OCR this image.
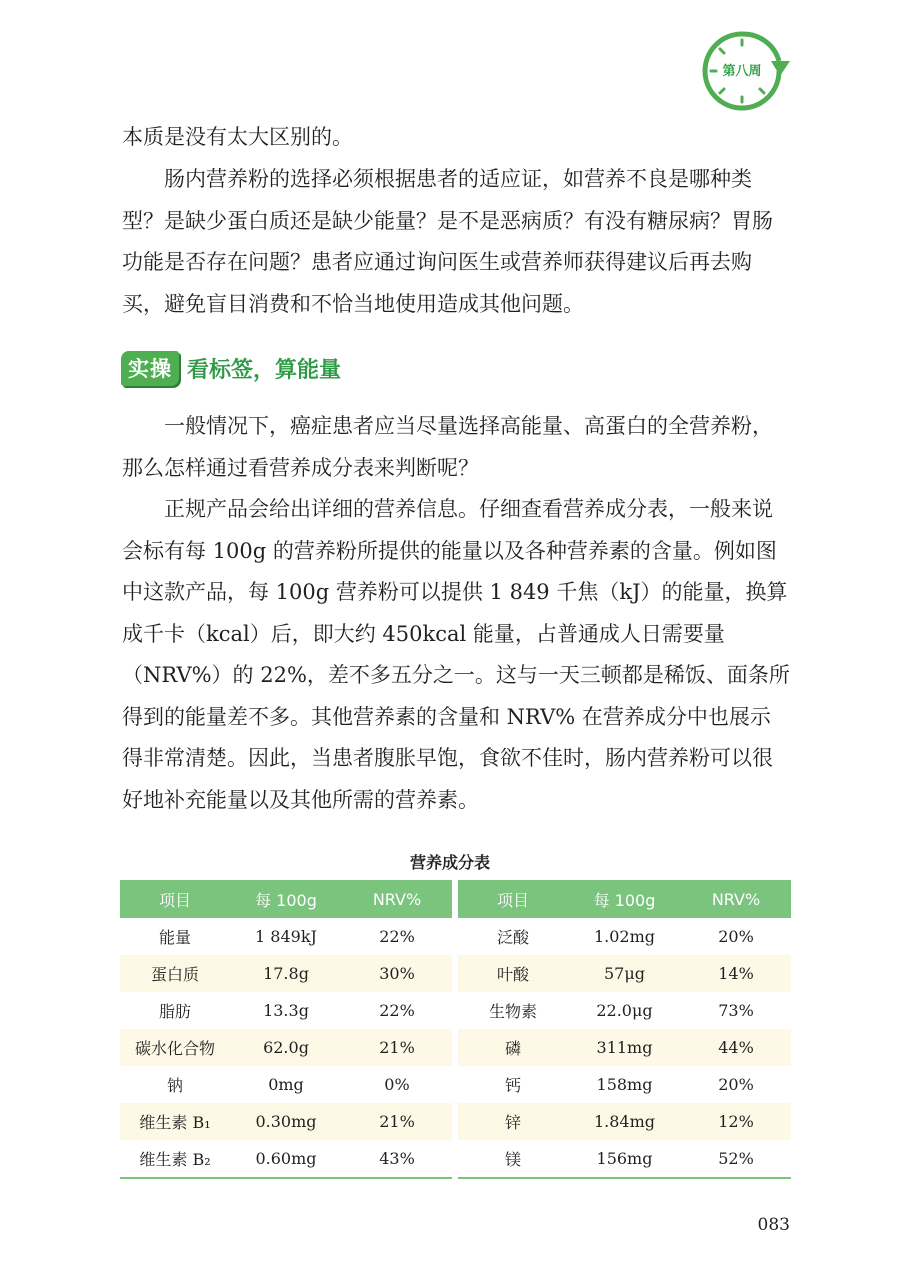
第八周

本质是没有太大区别的。

肠内营养粉的选择必须根据患者的适应证，如营养不良是哪种类型？是缺少蛋白质还是缺少能量？是不是恶病质？有没有糖尿病？胃肠功能是否存在问题？患者应通过询问医生或营养师获得建议后再去购买，避免盲目消费和不恰当地使用造成其他问题。

实操 看标签，算能量

一般情况下，癌症患者应当尽量选择高能量、高蛋白的全营养粉，那么怎样通过看营养成分表来判断呢？

正规产品会给出详细的营养信息。仔细查看营养成分表，一般来说会标有每 100g 的营养粉所提供的能量以及各种营养素的含量。例如图中这款产品，每 100g 营养粉可以提供 1 849 千焦（kJ）的能量，换算成千卡（kcal）后，即大约 450kcal 能量，占普通成人日需要量（NRV%）的 22%，差不多五分之一。这与一天三顿都是稀饭、面条所得到的能量差不多。其他营养素的含量和 NRV% 在营养成分中也展示得非常清楚。因此，当患者腹胀早饱，食欲不佳时，肠内营养粉可以很好地补充能量以及其他所需的营养素。

营养成分表
项目	每 100g	NRV%
能量	1 849kJ	22%
蛋白质	17.8g	30%
脂肪	13.3g	22%
碳水化合物	62.0g	21%
钠	0mg	0%
维生素 B₁	0.30mg	21%
维生素 B₂	0.60mg	43%
项目	每 100g	NRV%
泛酸	1.02mg	20%
叶酸	57μg	14%
生物素	22.0μg	73%
磷	311mg	44%
钙	158mg	20%
锌	1.84mg	12%
镁	156mg	52%
083
